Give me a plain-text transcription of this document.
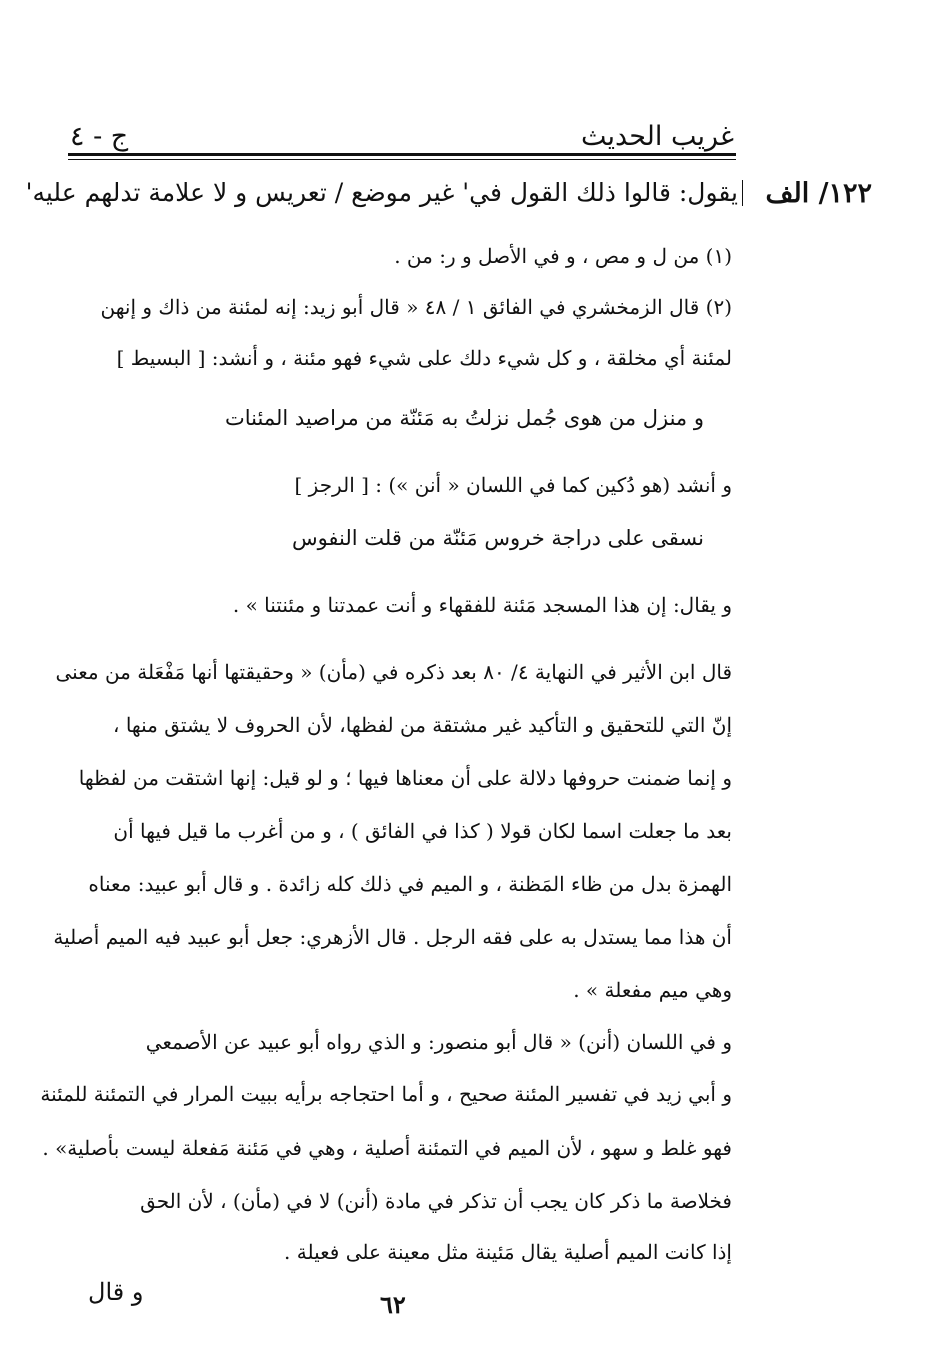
غريب الحديث
ج - ٤
١٢٢/ الف
يقول: قالوا ذلك القول في' غير موضع / تعريس و لا علامة تدلهم عليه'
(١) من ل و مص ، و في الأصل و ر: من .
(٢) قال الزمخشري في الفائق ١ / ٤٨ « قال أبو زيد: إنه لمئنة من ذاك و إنهن
لمئنة أي مخلقة ، و كل شيء دلك على شيء فهو مئنة ، و أنشد: [ البسيط ]
و منزل من هوى جُمل نزلتُ به مَئنّة من مراصيد المئنات
و أنشد (هو دُكين كما في اللسان « أنن ») : [ الرجز ]
نسقى على دراجة خروس مَئنّة من قلت النفوس
و يقال: إن هذا المسجد مَئنة للفقهاء و أنت عمدتنا و مئنتنا » .
قال ابن الأثير في النهاية ٤/ ٨٠ بعد ذكره في (مأن) « وحقيقتها أنها مَفْعَلة من معنى
إنّ التي للتحقيق و التأكيد غير مشتقة من لفظها، لأن الحروف لا يشتق منها ،
و إنما ضمنت حروفها دلالة على أن معناها فيها ؛ و لو قيل: إنها اشتقت من لفظها
بعد ما جعلت اسما لكان قولا ( كذا في الفائق ) ، و من أغرب ما قيل فيها أن
الهمزة بدل من ظاء المَظنة ، و الميم في ذلك كله زائدة . و قال أبو عبيد: معناه
أن هذا مما يستدل به على فقه الرجل . قال الأزهري: جعل أبو عبيد فيه الميم أصلية
وهي ميم مفعلة » .
و في اللسان (أنن) « قال أبو منصور: و الذي رواه أبو عبيد عن الأصمعي
و أبي زيد في تفسير المئنة صحيح ، و أما احتجاجه برأيه ببيت المرار في التمئنة للمئنة
فهو غلط و سهو ، لأن الميم في التمئنة أصلية ، وهي في مَئنة مَفعلة ليست بأصلية» .
فخلاصة ما ذكر كان يجب أن تذكر في مادة (أنن) لا في (مأن) ، لأن الحق
إذا كانت الميم أصلية يقال مَئينة مثل معينة على فعيلة .
٦٢
و قال
